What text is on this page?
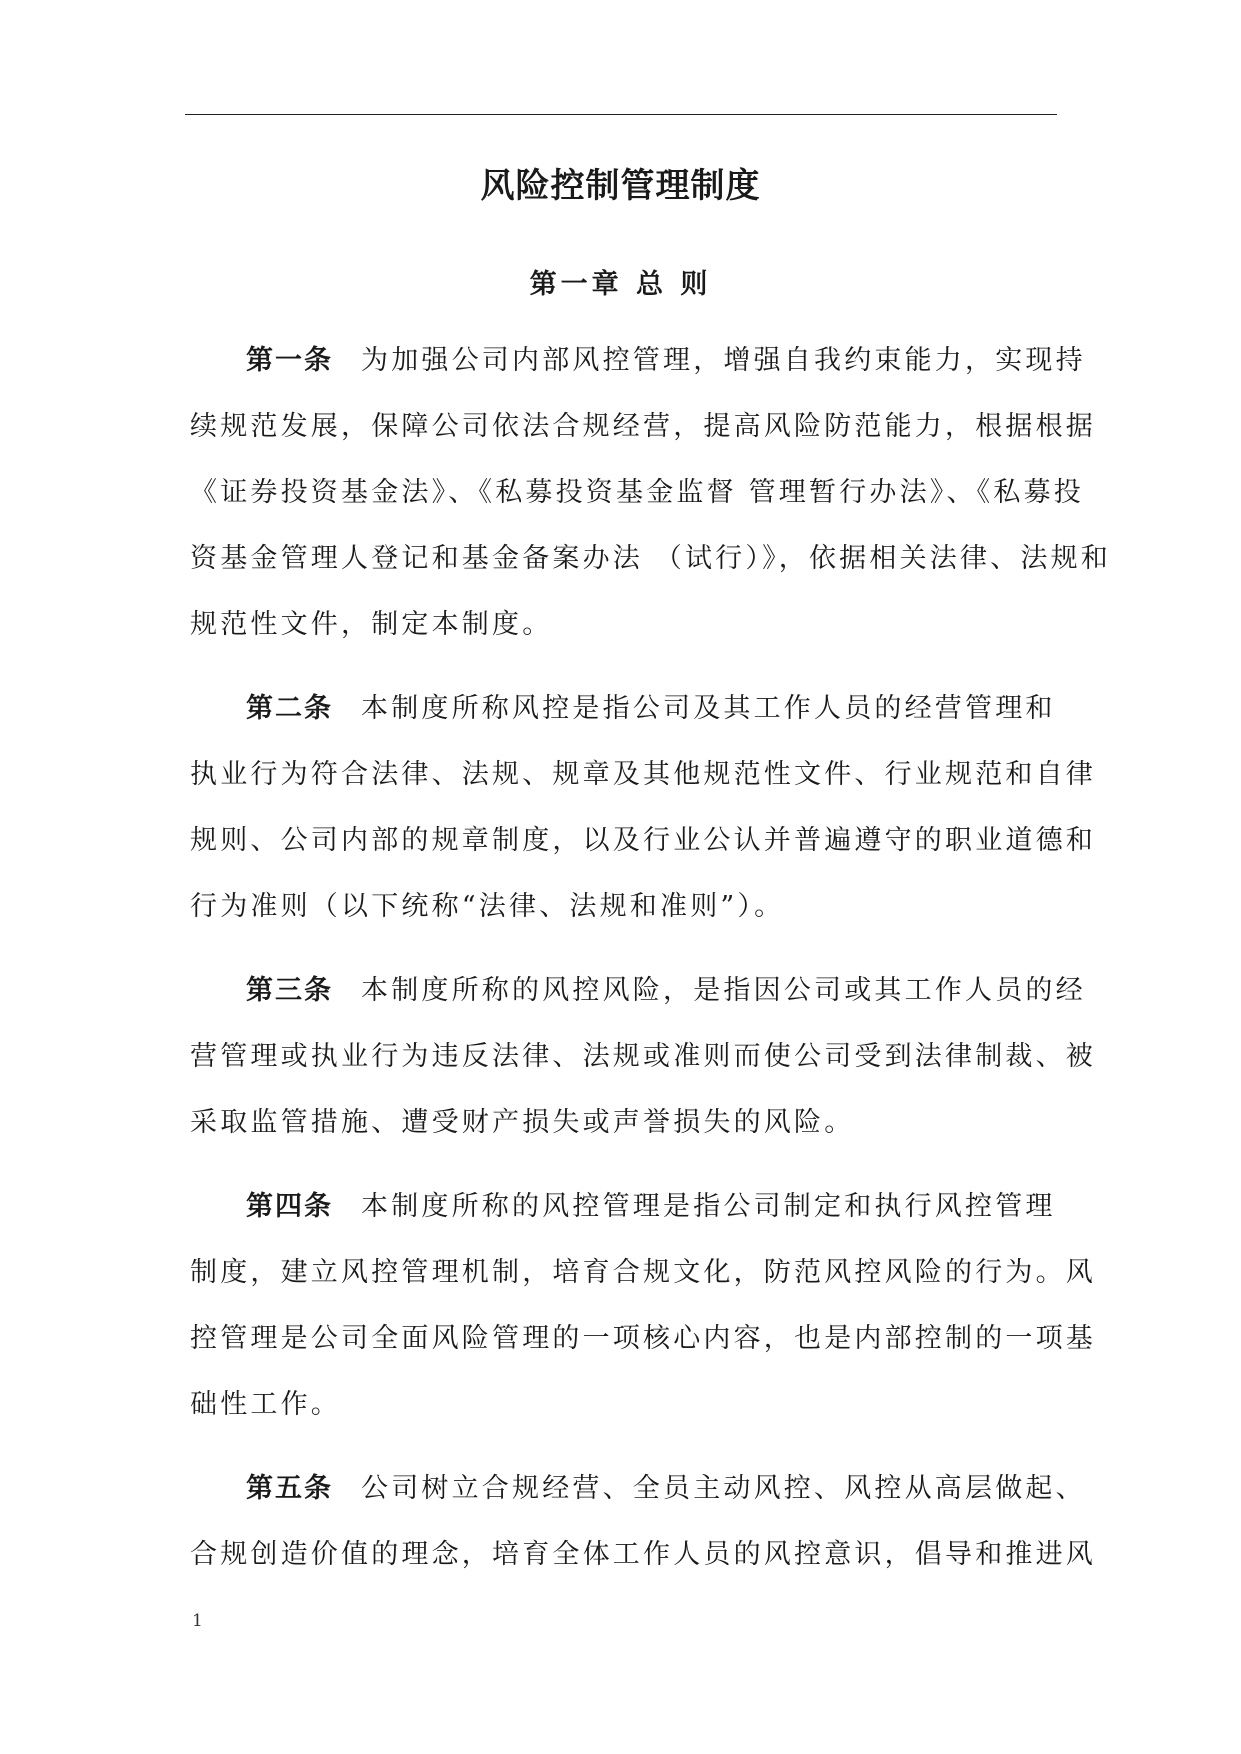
风险控制管理制度
第一章 总 则
第一条 为加强公司内部风控管理，增强自我约束能力，实现持
续规范发展，保障公司依法合规经营，提高风险防范能力，根据根据
《证券投资基金法》、《私募投资基金监督 管理暂行办法》、《私募投
资基金管理人登记和基金备案办法 （试行）》，依据相关法律、法规和
规范性文件，制定本制度。
第二条 本制度所称风控是指公司及其工作人员的经营管理和
执业行为符合法律、法规、规章及其他规范性文件、行业规范和自律
规则、公司内部的规章制度，以及行业公认并普遍遵守的职业道德和
行为准则（以下统称“法律、法规和准则”）。
第三条 本制度所称的风控风险，是指因公司或其工作人员的经
营管理或执业行为违反法律、法规或准则而使公司受到法律制裁、被
采取监管措施、遭受财产损失或声誉损失的风险。
第四条 本制度所称的风控管理是指公司制定和执行风控管理
制度，建立风控管理机制，培育合规文化，防范风控风险的行为。风
控管理是公司全面风险管理的一项核心内容，也是内部控制的一项基
础性工作。
第五条 公司树立合规经营、全员主动风控、风控从高层做起、
合规创造价值的理念，培育全体工作人员的风控意识，倡导和推进风
1
